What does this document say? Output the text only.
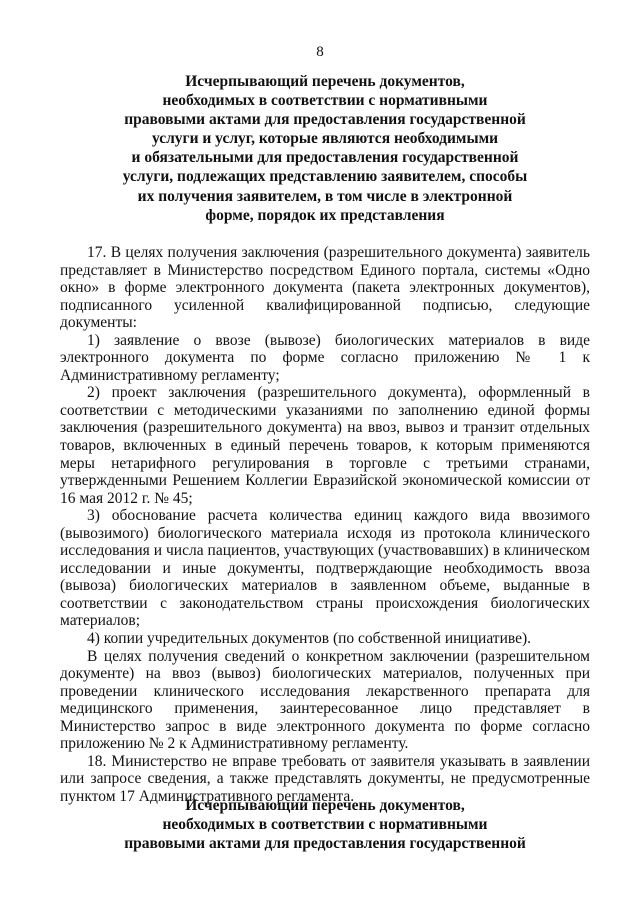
8
Исчерпывающий перечень документов,
необходимых в соответствии с нормативными
правовыми актами для предоставления государственной
услуги и услуг, которые являются необходимыми
и обязательными для предоставления государственной
услуги, подлежащих представлению заявителем, способы
их получения заявителем, в том числе в электронной
форме, порядок их представления

17. В целях получения заключения (разрешительного документа) заявитель представляет в Министерство посредством Единого портала, системы «Одно окно» в форме электронного документа (пакета электронных документов), подписанного усиленной квалифицированной подписью, следующие документы:

1) заявление о ввозе (вывозе) биологических материалов в виде электронного документа по форме согласно приложению № 1 к Административному регламенту;

2) проект заключения (разрешительного документа), оформленный в соответствии с методическими указаниями по заполнению единой формы заключения (разрешительного документа) на ввоз, вывоз и транзит отдельных товаров, включенных в единый перечень товаров, к которым применяются меры нетарифного регулирования в торговле с третьими странами, утвержденными Решением Коллегии Евразийской экономической комиссии от 16 мая 2012 г. № 45;

3) обоснование расчета количества единиц каждого вида ввозимого (вывозимого) биологического материала исходя из протокола клинического исследования и числа пациентов, участвующих (участвовавших) в клиническом исследовании и иные документы, подтверждающие необходимость ввоза (вывоза) биологических материалов в заявленном объеме, выданные в соответствии с законодательством страны происхождения биологических материалов;

4) копии учредительных документов (по собственной инициативе).

В целях получения сведений о конкретном заключении (разрешительном документе) на ввоз (вывоз) биологических материалов, полученных при проведении клинического исследования лекарственного препарата для медицинского применения, заинтересованное лицо представляет в Министерство запрос в виде электронного документа по форме согласно приложению № 2 к Административному регламенту.

18. Министерство не вправе требовать от заявителя указывать в заявлении или запросе сведения, а также представлять документы, не предусмотренные пунктом 17 Административного регламента.

Исчерпывающий перечень документов,
необходимых в соответствии с нормативными
правовыми актами для предоставления государственной
